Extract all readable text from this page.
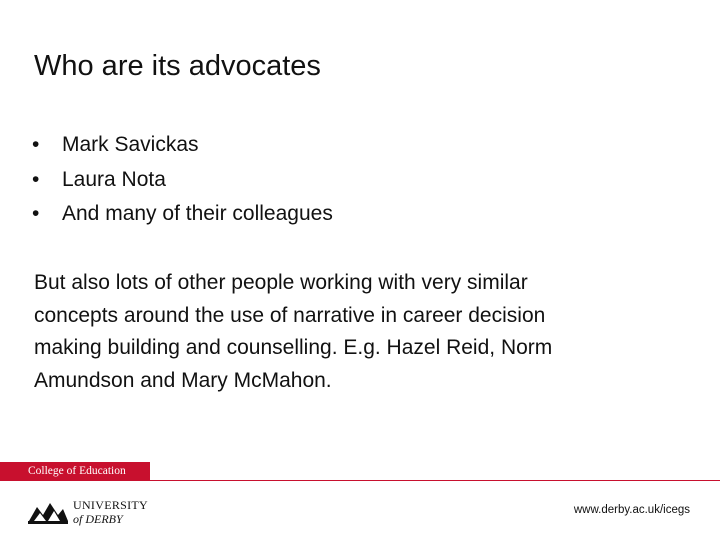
Who are its advocates
• Mark Savickas
• Laura Nota
• And many of their colleagues

But also lots of other people working with very similar
concepts around the use of narrative in career decision
making building and counselling. E.g. Hazel Reid, Norm
Amundson and Mary McMahon.

College of Education
UNIVERSITY
of DERBY
www.derby.ac.uk/icegs
